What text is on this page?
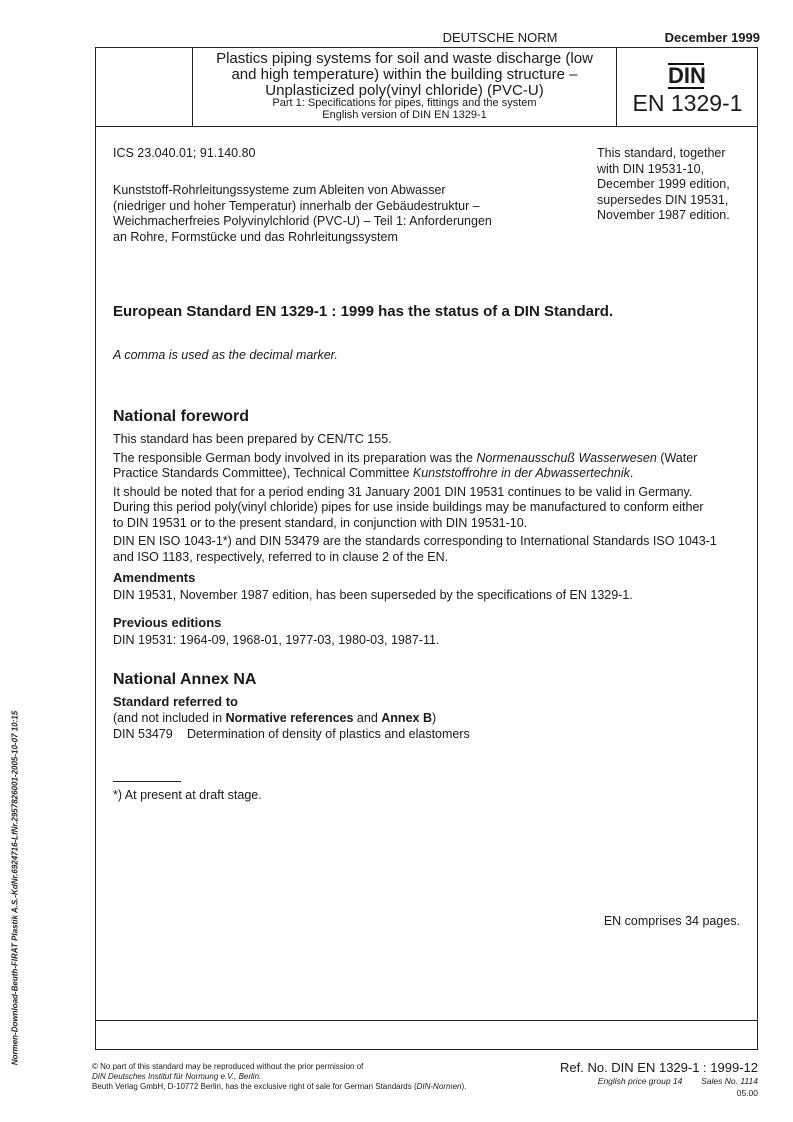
Normen-Download-Beuth-FIRAT Plastik A.S.-KdNr.6924716-LfNr.2957826001-2005-10-07 10:15
DEUTSCHE NORM	December 1999
Plastics piping systems for soil and waste discharge (low
and high temperature) within the building structure –
Unplasticized poly(vinyl chloride) (PVC-U)
Part 1: Specifications for pipes, fittings and the system
English version of DIN EN 1329-1
DIN
EN 1329-1
ICS 23.040.01; 91.140.80	This standard, together
with DIN 19531-10,
December 1999 edition,
supersedes DIN 19531,
November 1987 edition.
Kunststoff-Rohrleitungssysteme zum Ableiten von Abwasser
(niedriger und hoher Temperatur) innerhalb der Gebäudestruktur –
Weichmacherfreies Polyvinylchlorid (PVC-U) – Teil 1: Anforderungen
an Rohre, Formstücke und das Rohrleitungssystem
European Standard EN 1329-1 : 1999 has the status of a DIN Standard.
A comma is used as the decimal marker.
National foreword
This standard has been prepared by CEN/TC 155.
The responsible German body involved in its preparation was the Normenausschuß Wasserwesen (Water
Practice Standards Committee), Technical Committee Kunststoffrohre in der Abwassertechnik.
It should be noted that for a period ending 31 January 2001 DIN 19531 continues to be valid in Germany.
During this period poly(vinyl chloride) pipes for use inside buildings may be manufactured to conform either
to DIN 19531 or to the present standard, in conjunction with DIN 19531-10.
DIN EN ISO 1043-1*) and DIN 53479 are the standards corresponding to International Standards ISO 1043-1
and ISO 1183, respectively, referred to in clause 2 of the EN.
Amendments
DIN 19531, November 1987 edition, has been superseded by the specifications of EN 1329-1.
Previous editions
DIN 19531: 1964-09, 1968-01, 1977-03, 1980-03, 1987-11.
National Annex NA
Standard referred to
(and not included in Normative references and Annex B)
DIN 53479 Determination of density of plastics and elastomers
*) At present at draft stage.
EN comprises 34 pages.
© No part of this standard may be reproduced without the prior permission of
DIN Deutsches Institut für Normung e.V., Berlin.
Beuth Verlag GmbH, D-10772 Berlin, has the exclusive right of sale for German Standards (DIN-Normen).
Ref. No. DIN EN 1329-1 : 1999-12
English price group 14 Sales No. 1114
05.00
